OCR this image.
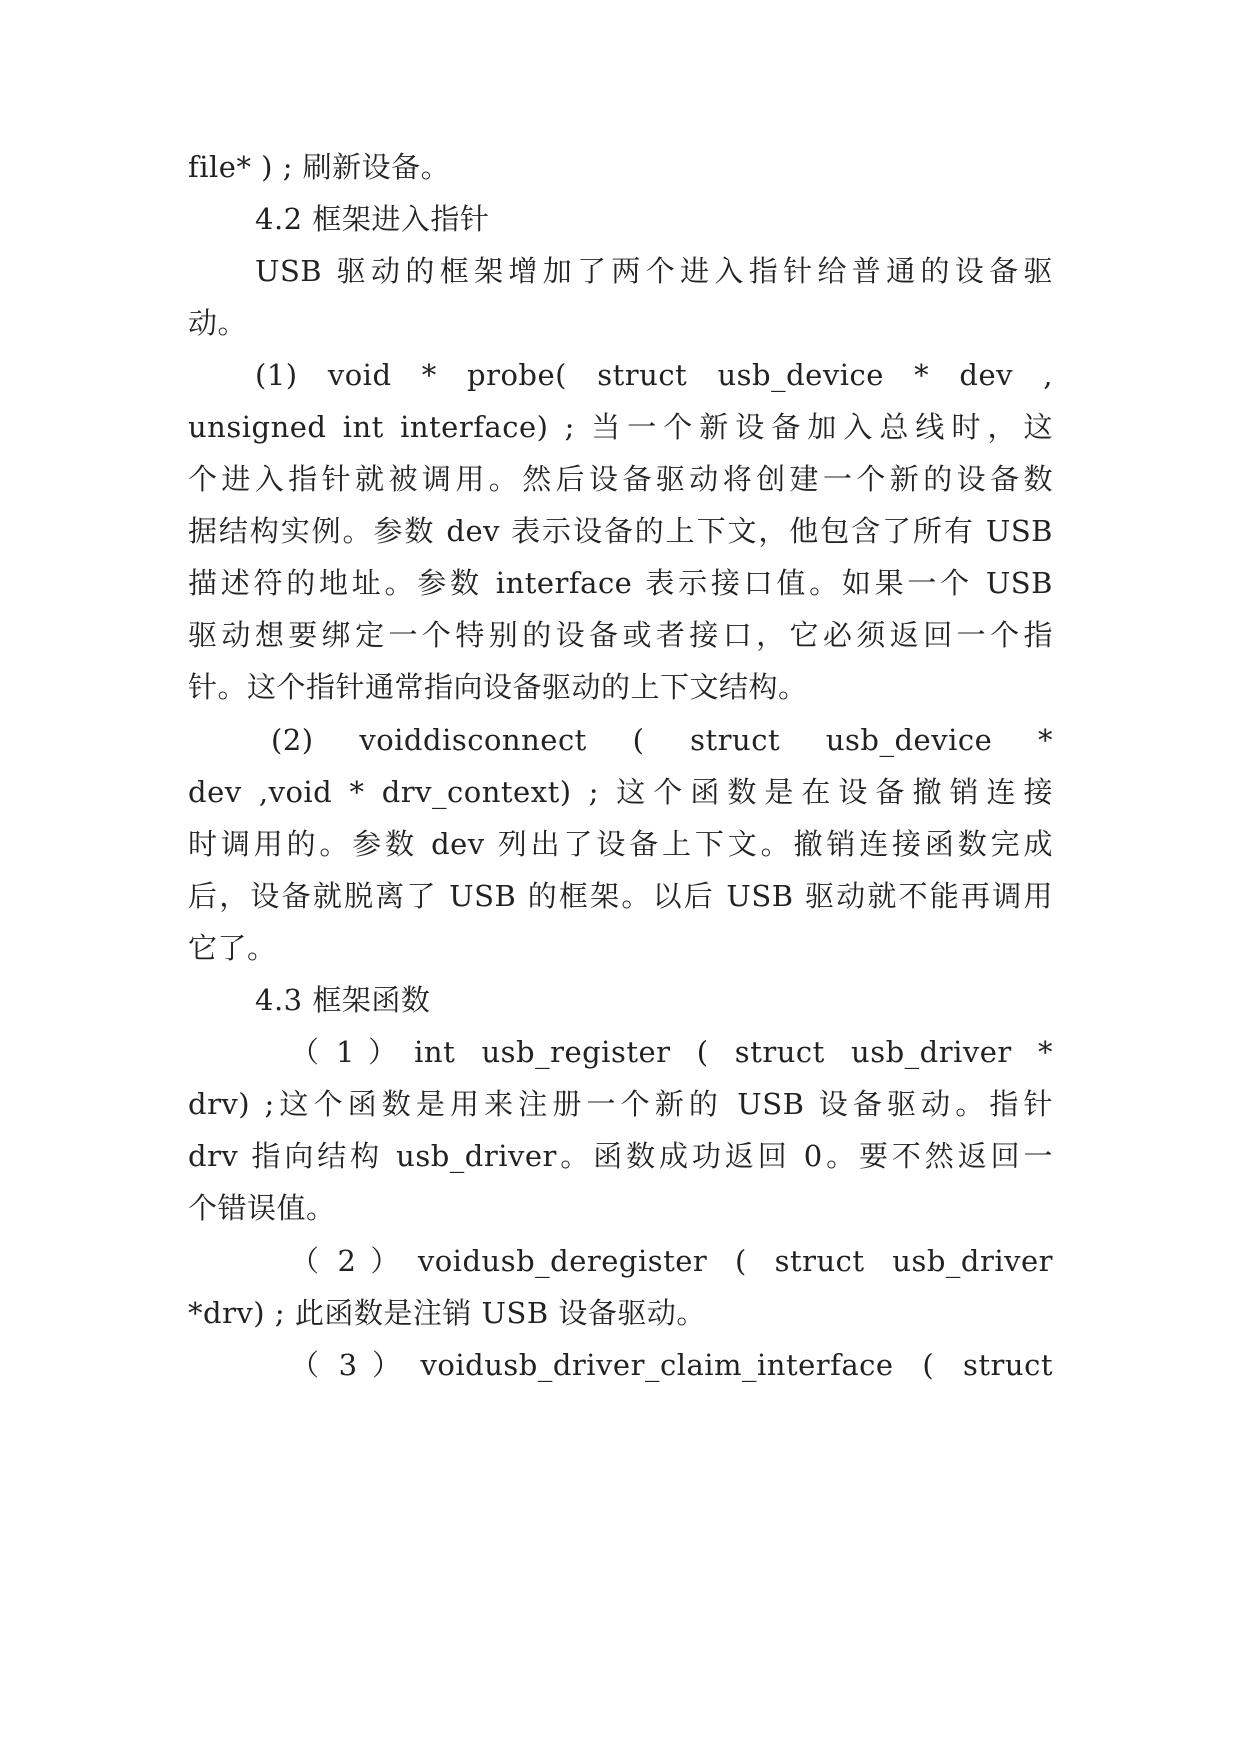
file* ) ; 刷新设备。
4.2 框架进入指针
USB 驱动的框架增加了两个进入指针给普通的设备驱
动。
(1)  void  *  probe(  struct  usb_device  *  dev  ,
unsigned int interface) ; 当一个新设备加入总线时，这
个进入指针就被调用。然后设备驱动将创建一个新的设备数
据结构实例。参数 dev 表示设备的上下文，他包含了所有 USB
描述符的地址。参数 interface 表示接口值。如果一个 USB
驱动想要绑定一个特别的设备或者接口，它必须返回一个指
针。这个指针通常指向设备驱动的上下文结构。
(2)  voiddisconnect  (  struct  usb_device  *
dev ,void * drv_context) ; 这个函数是在设备撤销连接
时调用的。参数 dev 列出了设备上下文。撤销连接函数完成
后，设备就脱离了 USB 的框架。以后 USB 驱动就不能再调用
它了。
4.3 框架函数
（ 1 ） int  usb_register  (  struct  usb_driver  *
drv) ;这个函数是用来注册一个新的 USB 设备驱动。指针
drv 指向结构 usb_driver。函数成功返回 0。要不然返回一
个错误值。
（ 2 ） voidusb_deregister  (  struct  usb_driver
*drv) ; 此函数是注销 USB 设备驱动。
（ 3 ） voidusb_driver_claim_interface  (  struct
